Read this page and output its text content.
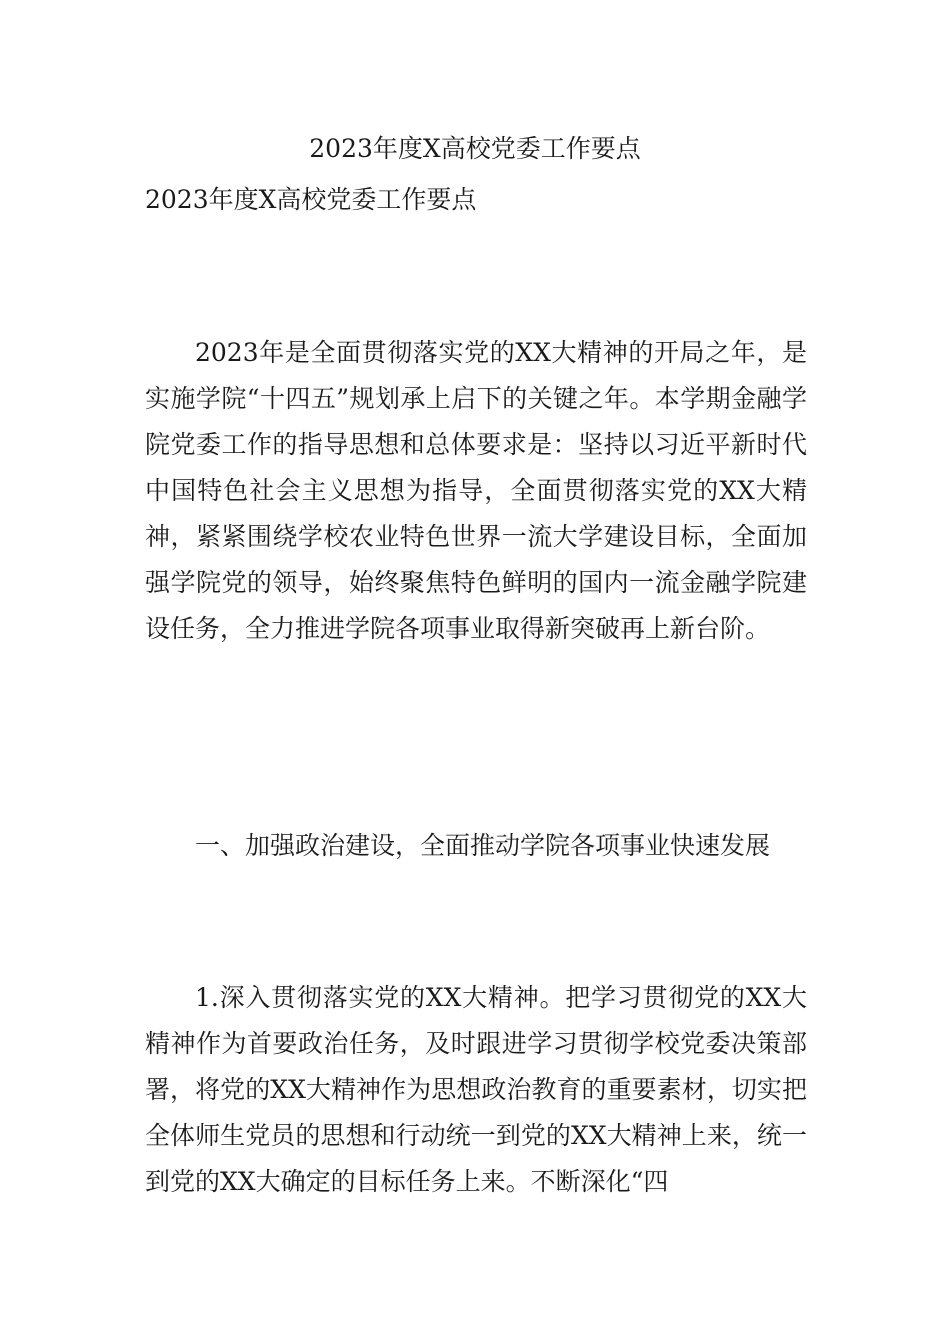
2023年度X高校党委工作要点
2023年度X高校党委工作要点

2023年是全面贯彻落实党的XX大精神的开局之年，是实施学院“十四五”规划承上启下的关键之年。本学期金融学院党委工作的指导思想和总体要求是：坚持以习近平新时代中国特色社会主义思想为指导，全面贯彻落实党的XX大精神，紧紧围绕学校农业特色世界一流大学建设目标，全面加强学院党的领导，始终聚焦特色鲜明的国内一流金融学院建设任务，全力推进学院各项事业取得新突破再上新台阶。

一、加强政治建设，全面推动学院各项事业快速发展

1.深入贯彻落实党的XX大精神。把学习贯彻党的XX大精神作为首要政治任务，及时跟进学习贯彻学校党委决策部署，将党的XX大精神作为思想政治教育的重要素材，切实把全体师生党员的思想和行动统一到党的XX大精神上来，统一到党的XX大确定的目标任务上来。不断深化“四
